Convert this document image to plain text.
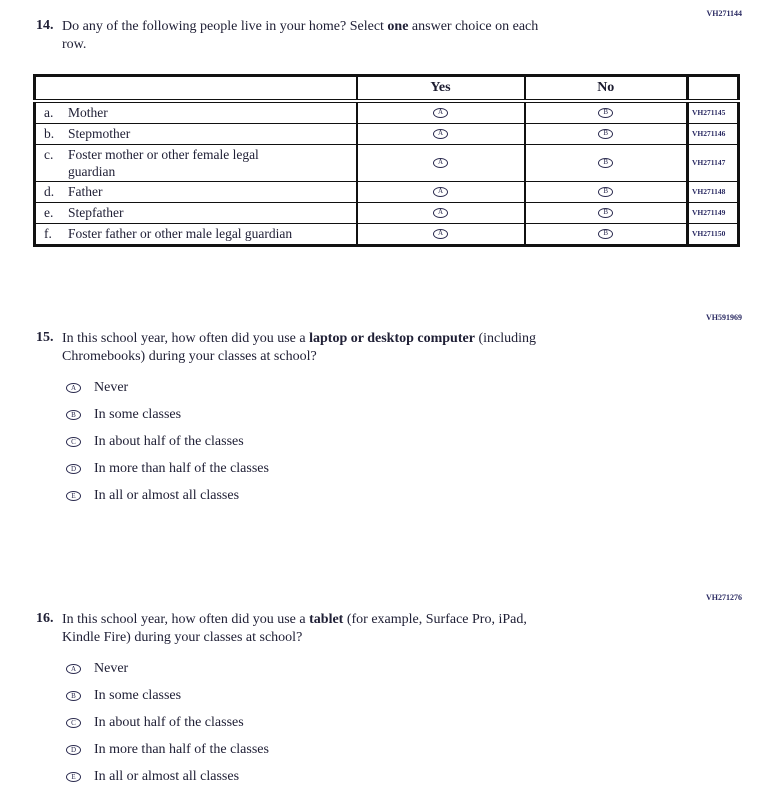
VH271144
VH591969
VH271276
14. Do any of the following people live in your home? Select one answer choice on each
row.
	Yes	No	

a. Mother	A	B	VH271145

b. Stepmother	A	B	VH271146

c. Foster mother or other female legal
guardian	A	B	VH271147

d. Father	A	B	VH271148

e. Stepfather	A	B	VH271149

f. Foster father or other male legal guardian	A	B	VH271150
15. In this school year, how often did you use a laptop or desktop computer (including
Chromebooks) during your classes at school?
A Never
B In some classes
C In about half of the classes
D In more than half of the classes
E In all or almost all classes
16. In this school year, how often did you use a tablet (for example, Surface Pro, iPad,
Kindle Fire) during your classes at school?
A Never
B In some classes
C In about half of the classes
D In more than half of the classes
E In all or almost all classes
